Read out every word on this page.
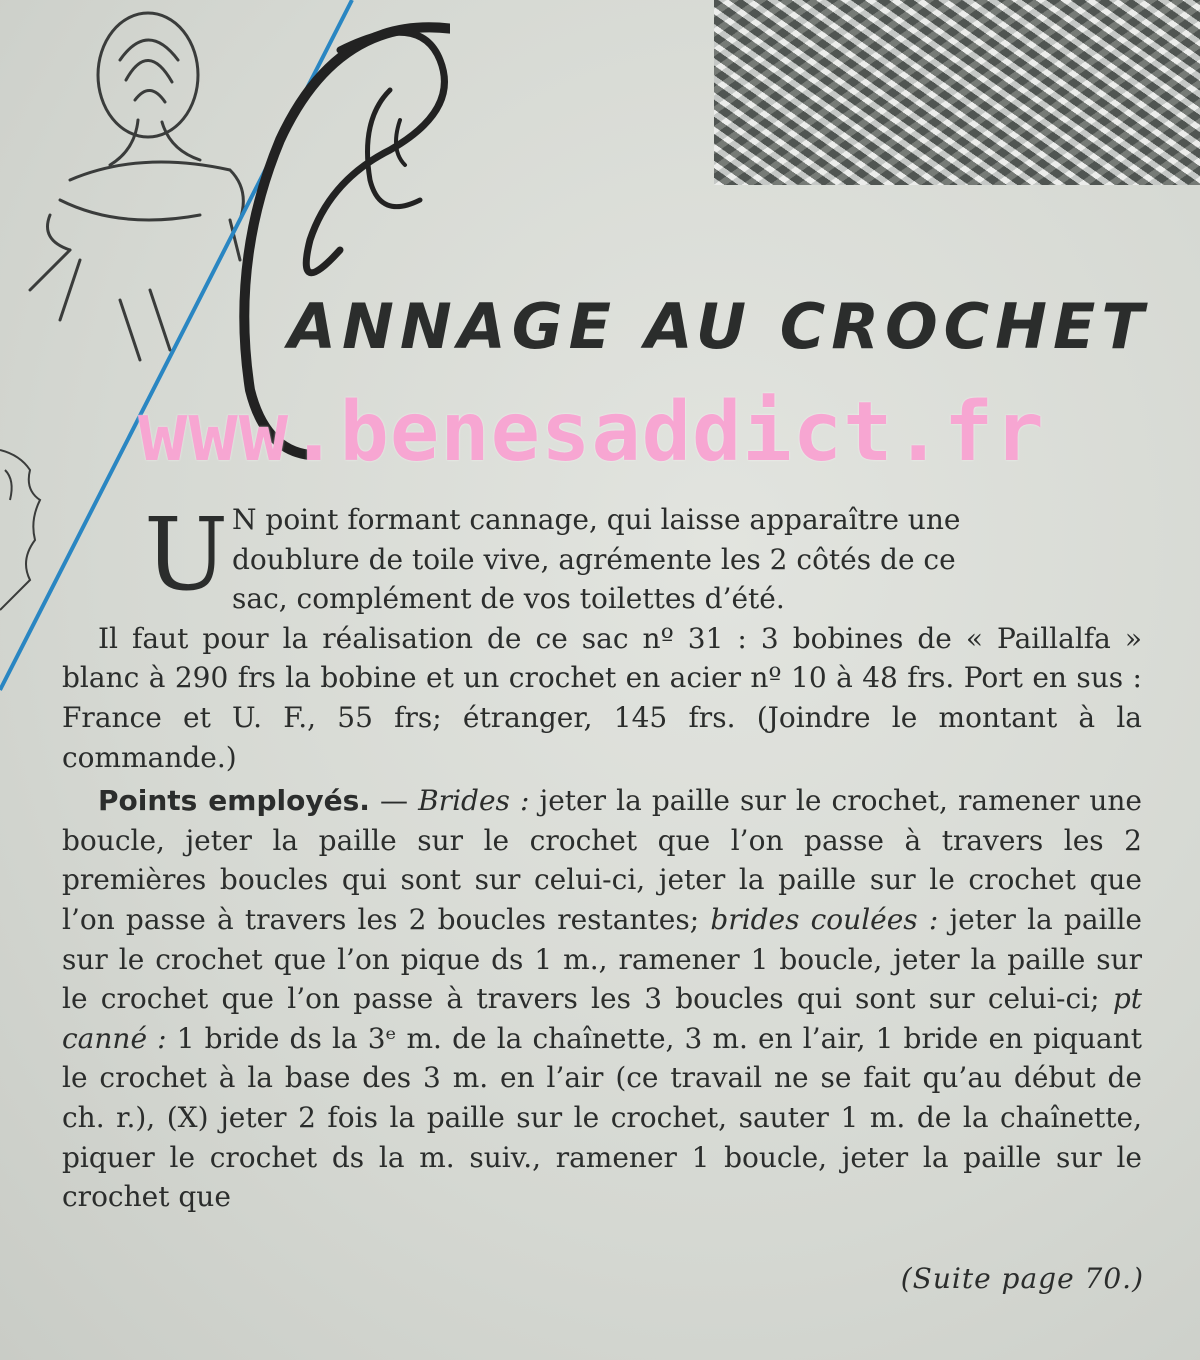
C
ANNAGE AU CROCHET
www.benesaddict.fr
U N point formant cannage, qui laisse apparaître une
doublure de toile vive, agrémente les 2 côtés de ce
sac, complément de vos toilettes d’été.

Il faut pour la réalisation de ce sac nº 31 : 3 bobines de « Paillalfa » blanc à 290 frs la bobine et un crochet en acier nº 10 à 48 frs. Port en sus : France et U. F., 55 frs; étranger, 145 frs. (Joindre le montant à la commande.)

Points employés. — Brides : jeter la paille sur le crochet, ramener une boucle, jeter la paille sur le crochet que l’on passe à travers les 2 premières boucles qui sont sur celui-ci, jeter la paille sur le crochet que l’on passe à travers les 2 boucles restantes; brides coulées : jeter la paille sur le crochet que l’on pique ds 1 m., ramener 1 boucle, jeter la paille sur le crochet que l’on passe à travers les 3 boucles qui sont sur celui-ci; pt canné : 1 bride ds la 3ᵉ m. de la chaînette, 3 m. en l’air, 1 bride en piquant le crochet à la base des 3 m. en l’air (ce travail ne se fait qu’au début de ch. r.), (X) jeter 2 fois la paille sur le crochet, sauter 1 m. de la chaînette, piquer le crochet ds la m. suiv., ramener 1 boucle, jeter la paille sur le crochet que

(Suite page 70.)
